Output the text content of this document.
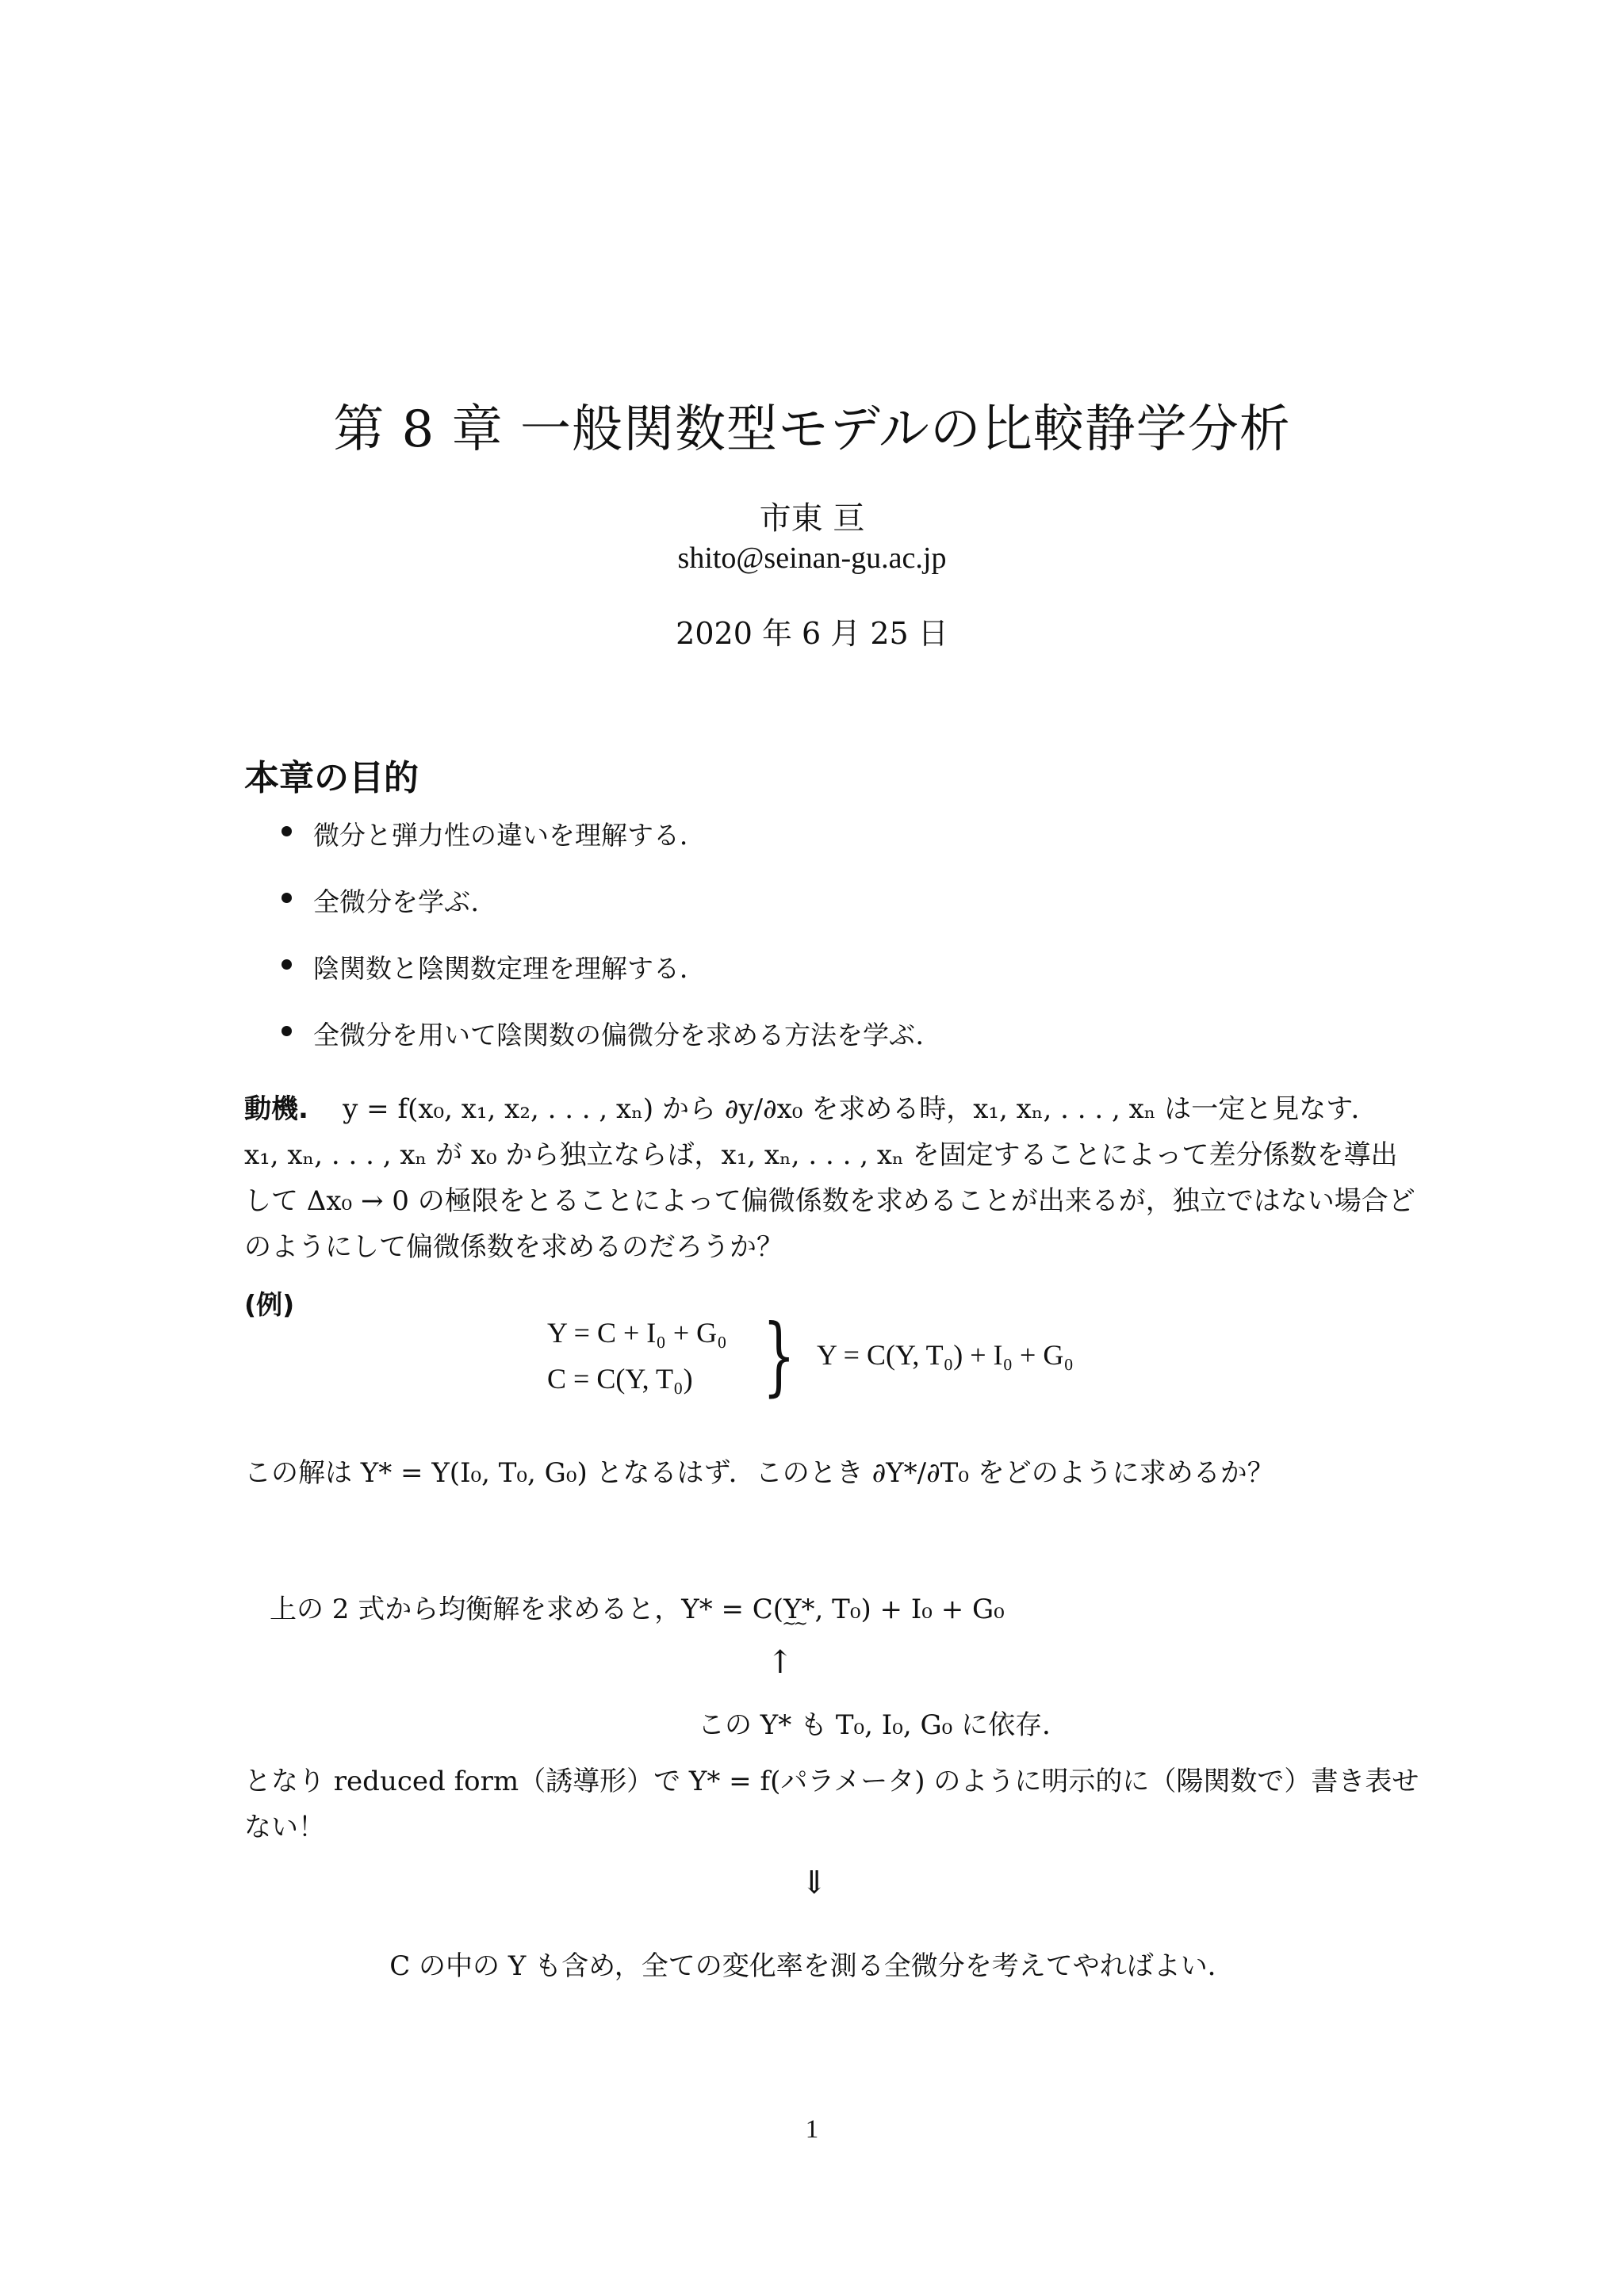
第 8 章 一般関数型モデルの比較静学分析
市東 亘
shito@seinan-gu.ac.jp
2020 年 6 月 25 日
本章の目的
微分と弾力性の違いを理解する．
全微分を学ぶ．
陰関数と陰関数定理を理解する．
全微分を用いて陰関数の偏微分を求める方法を学ぶ．
動機. y = f(x₀, x₁, x₂, . . . , xₙ) から ∂y/∂x₀ を求める時，x₁, xₙ, . . . , xₙ は一定と見なす．
x₁, xₙ, . . . , xₙ が x₀ から独立ならば，x₁, xₙ, . . . , xₙ を固定することによって差分係数を導出
して Δx₀ → 0 の極限をとることによって偏微係数を求めることが出来るが，独立ではない場合ど
のようにして偏微係数を求めるのだろうか？
(例)
Y = C + I₀ + G₀
C = C(Y, T₀) } Y = C(Y, T₀) + I₀ + G₀
この解は Y* = Y(I₀, T₀, G₀) となるはず．このとき ∂Y*/∂T₀ をどのように求めるか？
上の 2 式から均衡解を求めると，Y* = C(Y* ~~, T₀) + I₀ + G₀
↑
この Y* も T₀, I₀, G₀ に依存．
となり reduced form（誘導形）で Y* = f(パラメータ) のように明示的に（陽関数で）書き表せ
ない！
⇓
C の中の Y も含め，全ての変化率を測る全微分を考えてやればよい．
1
